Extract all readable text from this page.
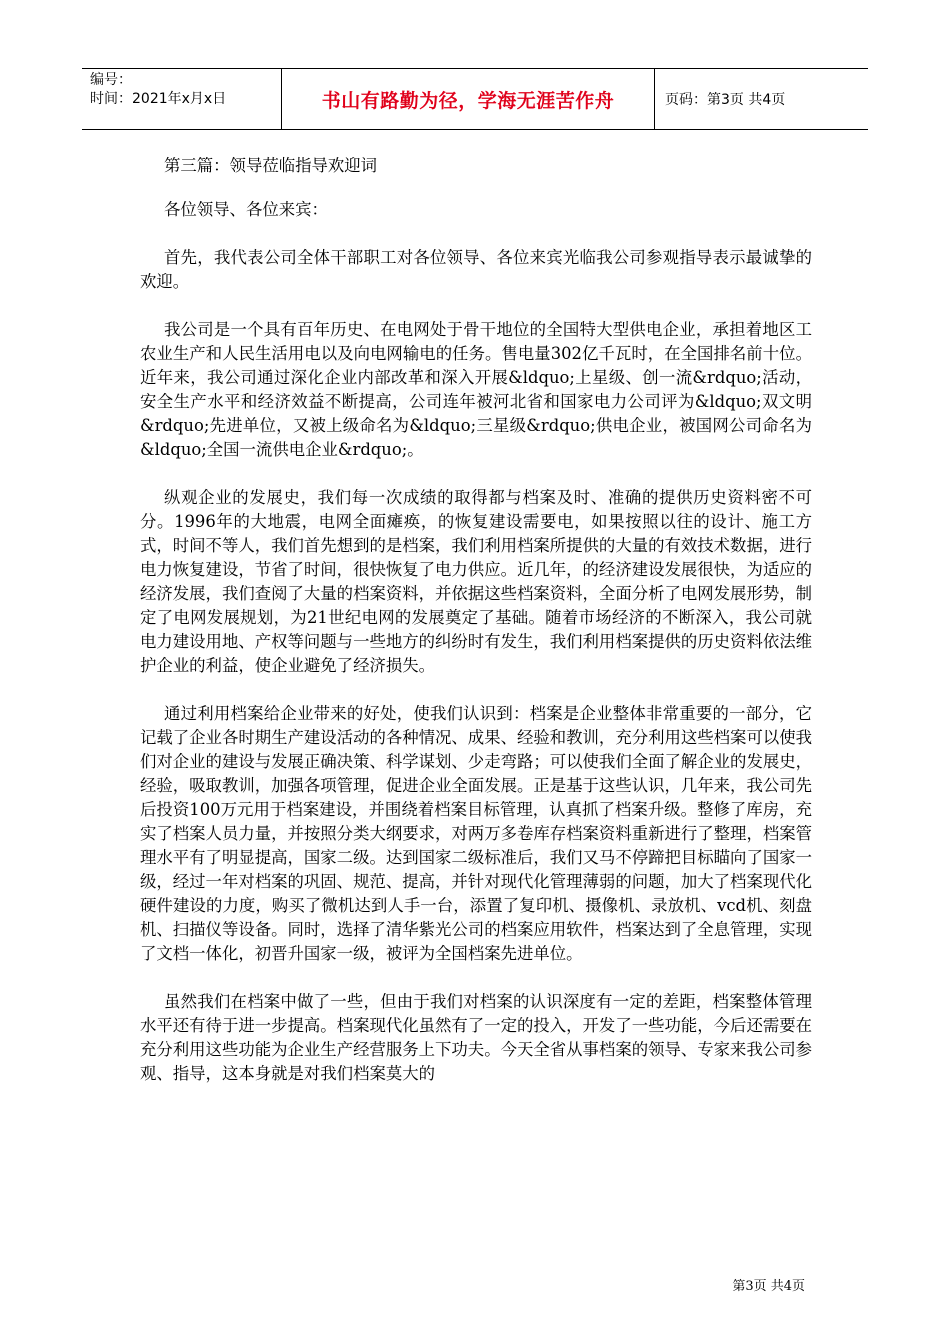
编号：
时间：2021年x月x日	书山有路勤为径，学海无涯苦作舟	页码：第3页 共4页

第三篇：领导莅临指导欢迎词

各位领导、各位来宾：

首先，我代表公司全体干部职工对各位领导、各位来宾光临我公司参观指导表示最诚挚的欢迎。

我公司是一个具有百年历史、在电网处于骨干地位的全国特大型供电企业，承担着地区工农业生产和人民生活用电以及向电网输电的任务。售电量302亿千瓦时，在全国排名前十位。近年来，我公司通过深化企业内部改革和深入开展&ldquo;上星级、创一流&rdquo;活动，安全生产水平和经济效益不断提高，公司连年被河北省和国家电力公司评为&ldquo;双文明&rdquo;先进单位，又被上级命名为&ldquo;三星级&rdquo;供电企业，被国网公司命名为&ldquo;全国一流供电企业&rdquo;。

纵观企业的发展史，我们每一次成绩的取得都与档案及时、准确的提供历史资料密不可分。1996年的大地震，电网全面瘫痪，的恢复建设需要电，如果按照以往的设计、施工方式，时间不等人，我们首先想到的是档案，我们利用档案所提供的大量的有效技术数据，进行电力恢复建设，节省了时间，很快恢复了电力供应。近几年，的经济建设发展很快，为适应的经济发展，我们查阅了大量的档案资料，并依据这些档案资料，全面分析了电网发展形势，制定了电网发展规划，为21世纪电网的发展奠定了基础。随着市场经济的不断深入，我公司就电力建设用地、产权等问题与一些地方的纠纷时有发生，我们利用档案提供的历史资料依法维护企业的利益，使企业避免了经济损失。

通过利用档案给企业带来的好处，使我们认识到：档案是企业整体非常重要的一部分，它记载了企业各时期生产建设活动的各种情况、成果、经验和教训，充分利用这些档案可以使我们对企业的建设与发展正确决策、科学谋划、少走弯路；可以使我们全面了解企业的发展史，经验，吸取教训，加强各项管理，促进企业全面发展。正是基于这些认识，几年来，我公司先后投资100万元用于档案建设，并围绕着档案目标管理，认真抓了档案升级。整修了库房，充实了档案人员力量，并按照分类大纲要求，对两万多卷库存档案资料重新进行了整理，档案管理水平有了明显提高，国家二级。达到国家二级标准后，我们又马不停蹄把目标瞄向了国家一级，经过一年对档案的巩固、规范、提高，并针对现代化管理薄弱的问题，加大了档案现代化硬件建设的力度，购买了微机达到人手一台，添置了复印机、摄像机、录放机、vcd机、刻盘机、扫描仪等设备。同时，选择了清华紫光公司的档案应用软件，档案达到了全息管理，实现了文档一体化，初晋升国家一级，被评为全国档案先进单位。

虽然我们在档案中做了一些，但由于我们对档案的认识深度有一定的差距，档案整体管理水平还有待于进一步提高。档案现代化虽然有了一定的投入，开发了一些功能，今后还需要在充分利用这些功能为企业生产经营服务上下功夫。今天全省从事档案的领导、专家来我公司参观、指导，这本身就是对我们档案莫大的

第3页 共4页
